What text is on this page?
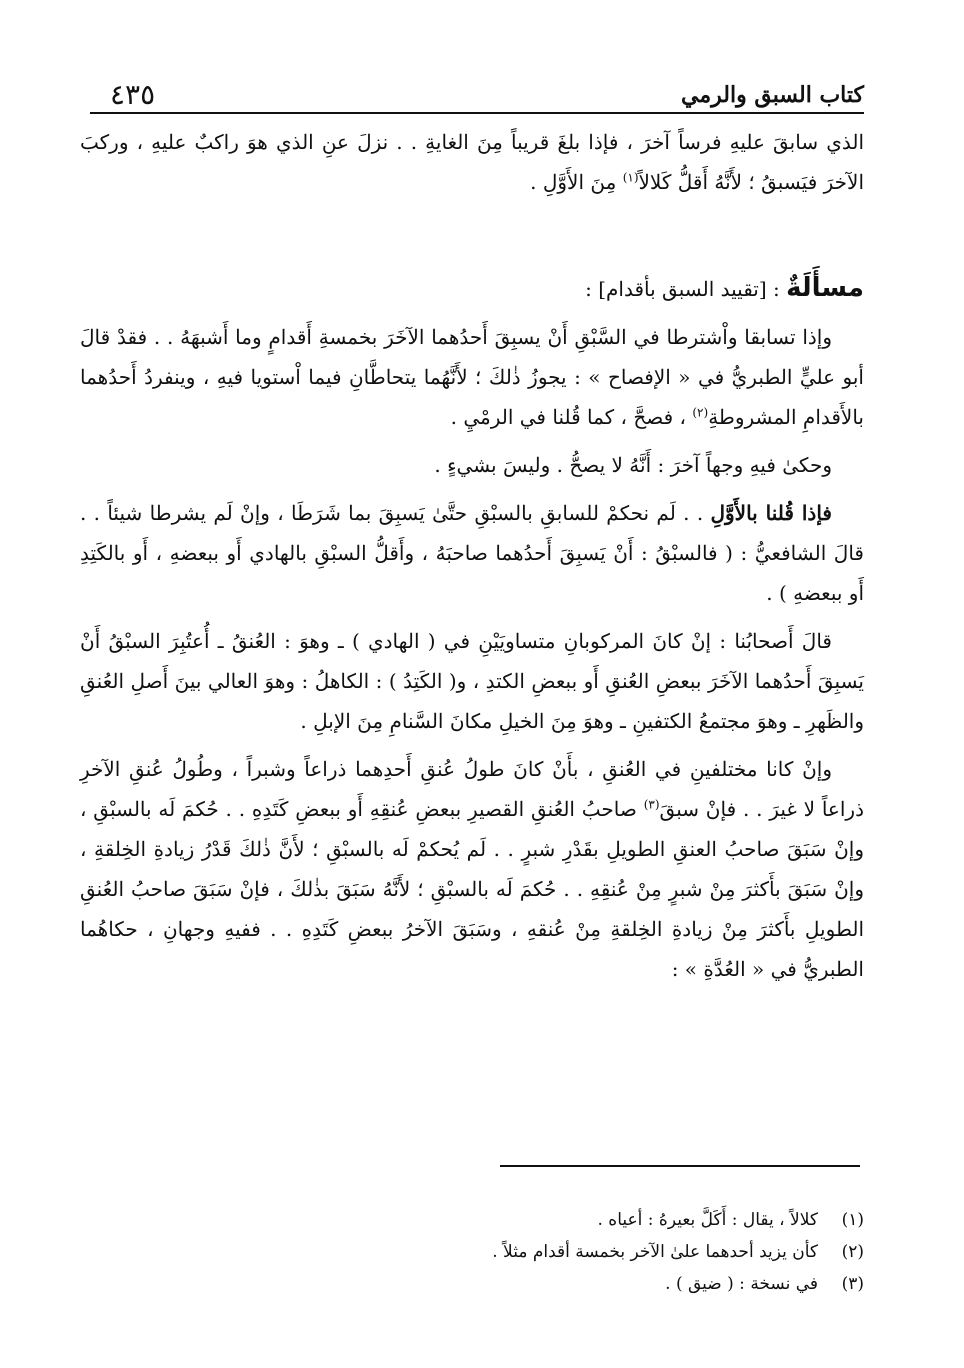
كتاب السبق والرمي
٤٣٥

الذي سابقَ عليهِ فرساً آخرَ ، فإذا بلغَ قريباً مِنَ الغايةِ . . نزلَ عنِ الذي هوَ راكبٌ عليهِ ، وركبَ الآخرَ فيَسبقُ ؛ لأَنَّهُ أَقلُّ كَلالاً$^{(١)}$ مِنَ الأَوَّلِ .

مسأَلَةٌ : [تقييد السبق بأقدام] :

وإذا تسابقا واْشترطا في السَّبْقِ أَنْ يسبِقَ أَحدُهما الآخَرَ بخمسةِ أَقدامٍ وما أَشبهَهُ . . فقدْ قالَ أبو عليٍّ الطبريُّ في « الإفصاح » : يجوزُ ذٰلكَ ؛ لأَنَّهُما يتحاطَّانِ فيما اْستويا فيهِ ، وينفردُ أَحدُهما بالأَقدامِ المشروطةِ$^{(٢)}$ ، فصحَّ ، كما قُلنا في الرمْيِ .

وحكىٰ فيهِ وجهاً آخرَ : أَنَّهُ لا يصحُّ . وليسَ بشيءٍ .

فإذا قُلنا بالأَوَّلِ . . لَم نحكمْ للسابقِ بالسبْقِ حتَّىٰ يَسبِقَ بما شَرَطَا ، وإنْ لَم يشرطا شيئاً . . قالَ الشافعيُّ : ( فالسبْقُ : أَنْ يَسبِقَ أَحدُهما صاحبَهُ ، وأَقلُّ السبْقِ بالهادي أَو ببعضهِ ، أَو بالكَتِدِ أَو ببعضهِ ) .

قالَ أَصحابُنا : إنْ كانَ المركوبانِ متساويَيْنِ في ( الهادي ) ـ وهوَ : العُنقُ ـ أُعتُبِرَ السبْقُ أَنْ يَسبِقَ أَحدُهما الآخَرَ ببعضِ العُنقِ أَو ببعضِ الكتدِ ، و( الكَتِدُ ) : الكاهلُ : وهوَ العالي بينَ أَصلِ العُنقِ والظَهرِ ـ وهوَ مجتمعُ الكتفينِ ـ وهوَ مِنَ الخيلِ مكانَ السَّنامِ مِنَ الإبلِ .

وإنْ كانا مختلفينِ في العُنقِ ، بأَنْ كانَ طولُ عُنقِ أَحدِهما ذراعاً وشبراً ، وطُولُ عُنقِ الآخرِ ذراعاً لا غيرَ . . فإنْ سبقَ$^{(٣)}$ صاحبُ العُنقِ القصيرِ ببعضِ عُنقِهِ أَو ببعضِ كَتَدِهِ . . حُكمَ لَه بالسبْقِ ، وإنْ سَبَقَ صاحبُ العنقِ الطويلِ بقَدْرِ شبرٍ . . لَم يُحكمْ لَه بالسبْقِ ؛ لأَنَّ ذٰلكَ قَدْرُ زيادةِ الخِلقةِ ، وإنْ سَبَقَ بأَكثرَ مِنْ شبرٍ مِنْ عُنقِهِ . . حُكمَ لَه بالسبْقِ ؛ لأَنَّهُ سَبَقَ بذٰلكَ ، فإنْ سَبَقَ صاحبُ العُنقِ الطويلِ بأَكثرَ مِنْ زيادةِ الخِلقةِ مِنْ عُنقهِ ، وسَبَقَ الآخرُ ببعضِ كَتَدِهِ . . ففيهِ وجهانِ ، حكاهُما الطبريُّ في « العُدَّةِ » :

(١)
كلالاً ، يقال : أَكَلَّ بعيرهُ : أعياه .
(٢)
كأن يزيد أحدهما علىٰ الآخر بخمسة أقدام مثلاً .
(٣)
في نسخة : ( ضيق ) .
